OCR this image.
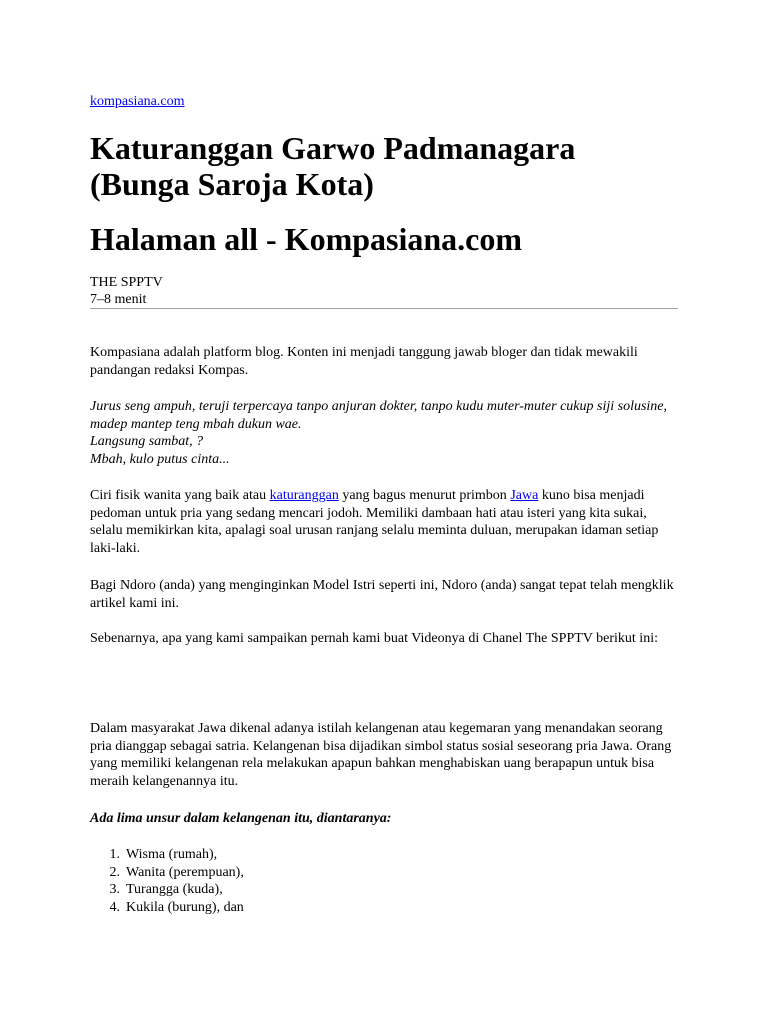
kompasiana.com
Katuranggan Garwo Padmanagara (Bunga Saroja Kota)
Halaman all - Kompasiana.com
THE SPPTV
7–8 menit

Kompasiana adalah platform blog. Konten ini menjadi tanggung jawab bloger dan tidak mewakili pandangan redaksi Kompas.

Jurus seng ampuh, teruji terpercaya tanpo anjuran dokter, tanpo kudu muter-muter cukup siji solusine, madep mantep teng mbah dukun wae.

Langsung sambat, ?

Mbah, kulo putus cinta...

Ciri fisik wanita yang baik atau katuranggan yang bagus menurut primbon Jawa kuno bisa menjadi pedoman untuk pria yang sedang mencari jodoh. Memiliki dambaan hati atau isteri yang kita sukai, selalu memikirkan kita, apalagi soal urusan ranjang selalu meminta duluan, merupakan idaman setiap laki-laki.

Bagi Ndoro (anda) yang menginginkan Model Istri seperti ini, Ndoro (anda) sangat tepat telah mengklik artikel kami ini.

Sebenarnya, apa yang kami sampaikan pernah kami buat Videonya di Chanel The SPPTV berikut ini:

Dalam masyarakat Jawa dikenal adanya istilah kelangenan atau kegemaran yang menandakan seorang pria dianggap sebagai satria. Kelangenan bisa dijadikan simbol status sosial seseorang pria Jawa. Orang yang memiliki kelangenan rela melakukan apapun bahkan menghabiskan uang berapapun untuk bisa meraih kelangenannya itu.

Ada lima unsur dalam kelangenan itu, diantaranya:

1 . Wisma (rumah),
2 . Wanita (perempuan),
3 . Turangga (kuda),
4 . Kukila (burung), dan
